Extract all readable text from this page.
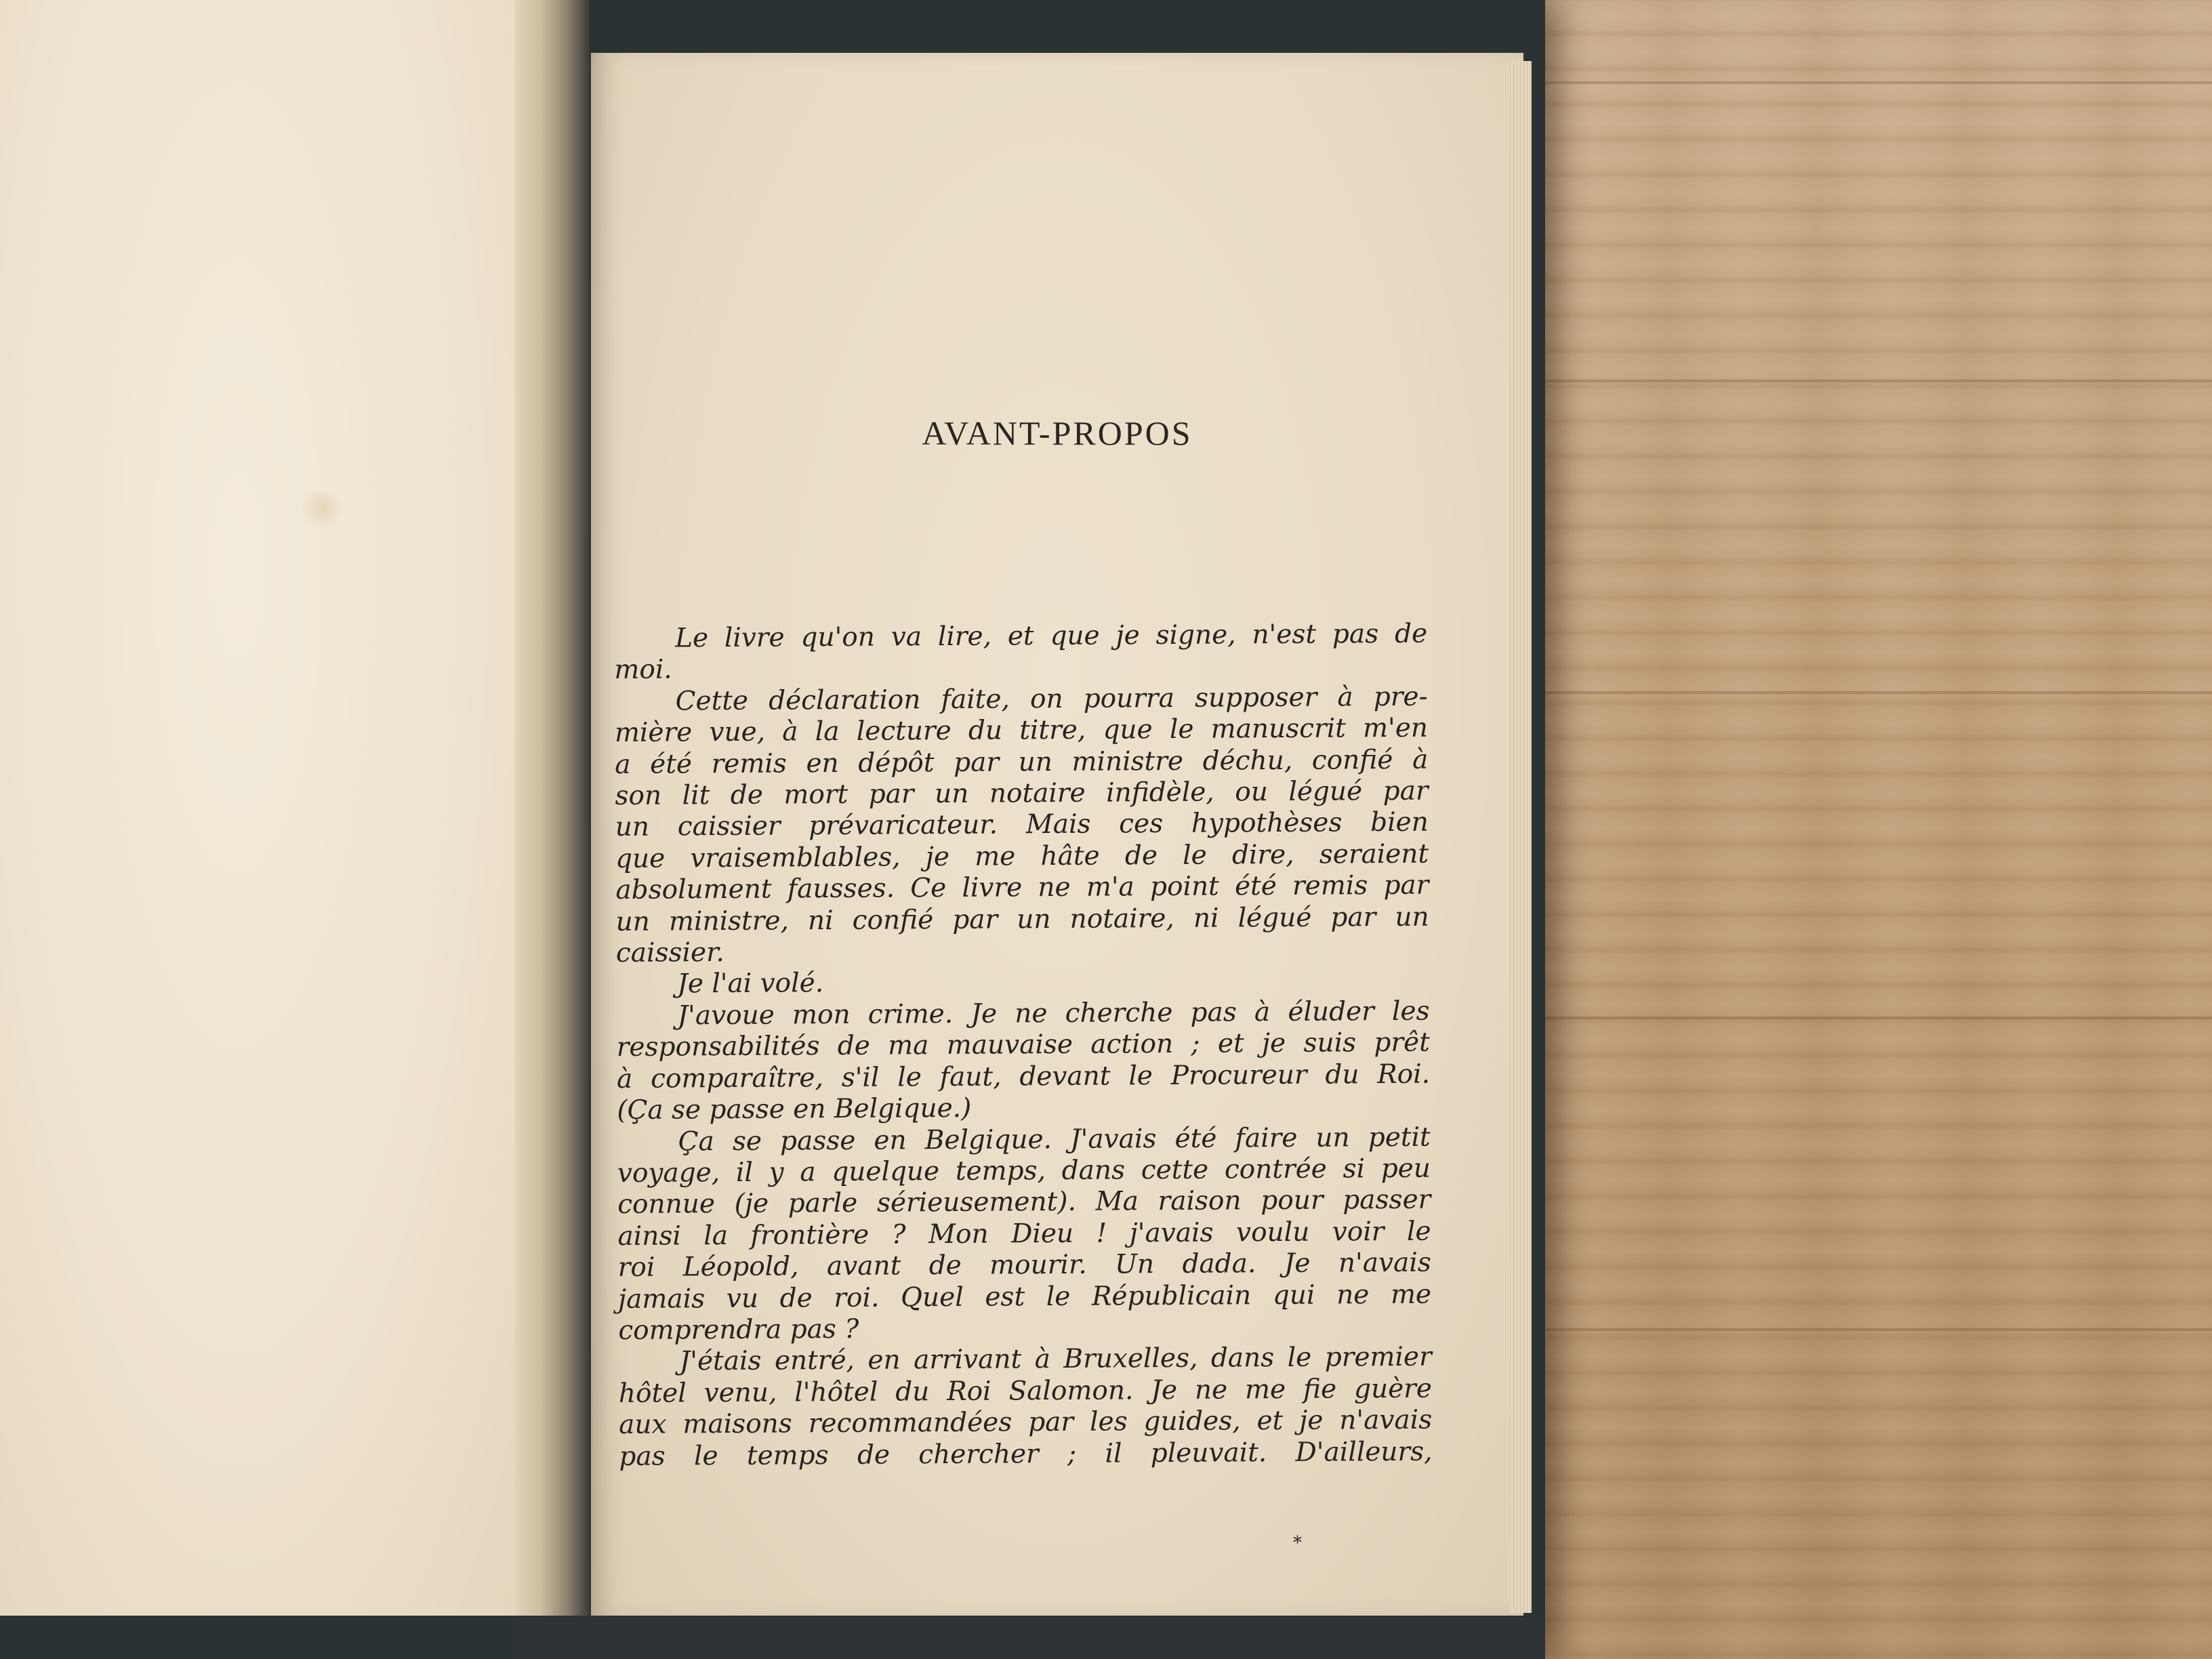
AVANT-PROPOS
Le livre qu'on va lire, et que je signe, n'est pas de
moi.
Cette déclaration faite, on pourra supposer à pre-
mière vue, à la lecture du titre, que le manuscrit m'en
a été remis en dépôt par un ministre déchu, confié à
son lit de mort par un notaire infidèle, ou légué par
un caissier prévaricateur. Mais ces hypothèses bien
que vraisemblables, je me hâte de le dire, seraient
absolument fausses. Ce livre ne m'a point été remis par
un ministre, ni confié par un notaire, ni légué par un
caissier.
Je l'ai volé.
J'avoue mon crime. Je ne cherche pas à éluder les
responsabilités de ma mauvaise action ; et je suis prêt
à comparaître, s'il le faut, devant le Procureur du Roi.
(Ça se passe en Belgique.)
Ça se passe en Belgique. J'avais été faire un petit
voyage, il y a quelque temps, dans cette contrée si peu
connue (je parle sérieusement). Ma raison pour passer
ainsi la frontière ? Mon Dieu ! j'avais voulu voir le
roi Léopold, avant de mourir. Un dada. Je n'avais
jamais vu de roi. Quel est le Républicain qui ne me
comprendra pas ?
J'étais entré, en arrivant à Bruxelles, dans le premier
hôtel venu, l'hôtel du Roi Salomon. Je ne me fie guère
aux maisons recommandées par les guides, et je n'avais
pas le temps de chercher ; il pleuvait. D'ailleurs,
*
